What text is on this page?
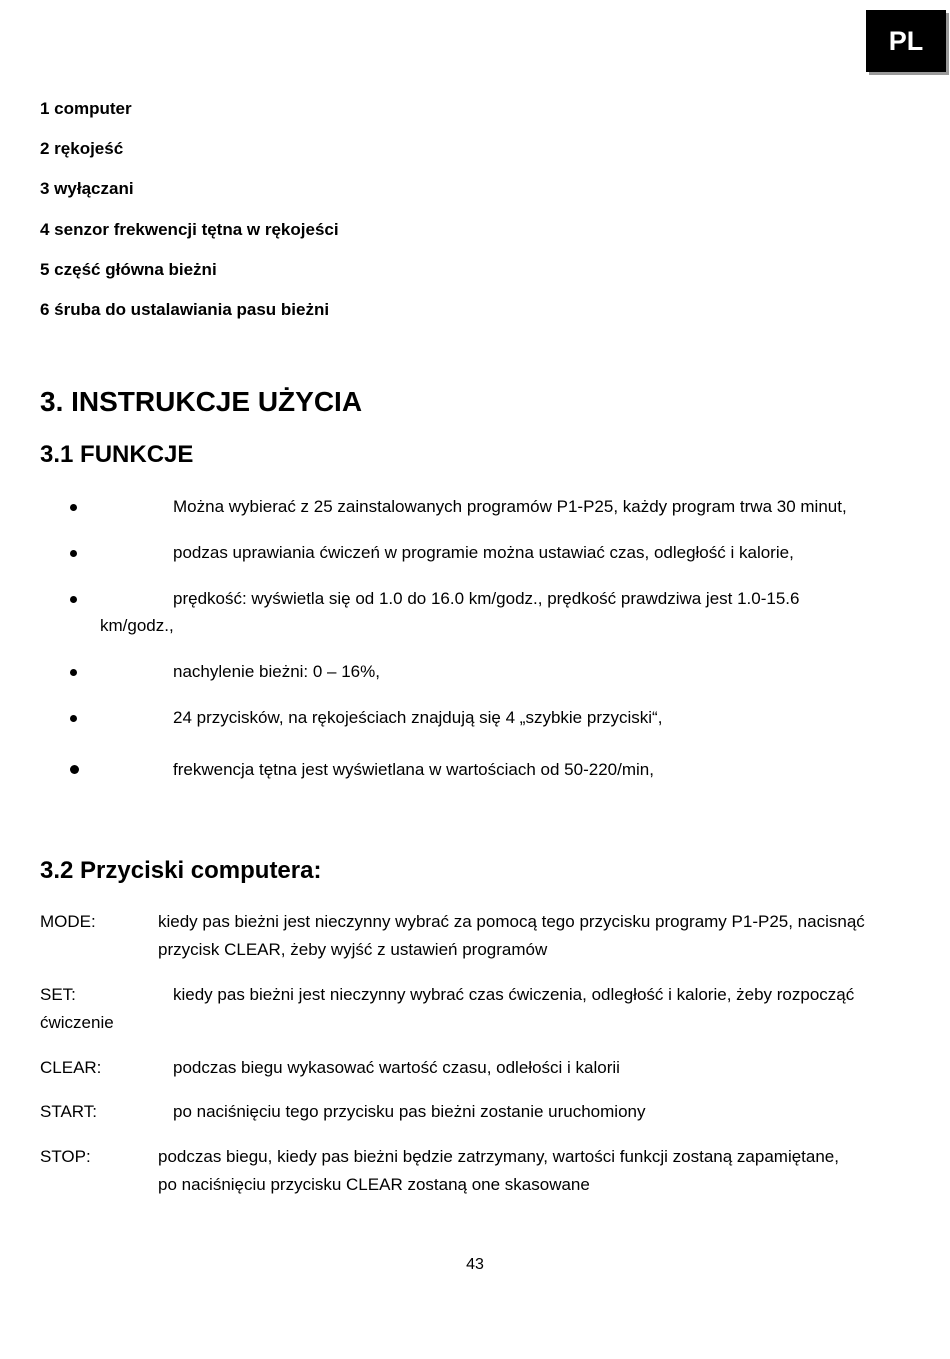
PL
1 computer
2 rękojeść
3 wyłączani
4 senzor frekwencji tętna w rękojeści
5 część główna bieżni
6 śruba do ustalawiania pasu bieżni
3. INSTRUKCJE UŻYCIA
3.1 FUNKCJE
Można wybierać z 25 zainstalowanych programów P1-P25, każdy program trwa 30 minut,
podzas uprawiania ćwiczeń w programie można ustawiać czas, odległość i kalorie,
prędkość: wyświetla się od 1.0 do 16.0 km/godz., prędkość prawdziwa jest 1.0-15.6
km/godz.,
nachylenie bieżni: 0 – 16%,
24 przycisków, na rękojeściach znajdują się 4 „szybkie przyciski“,
frekwencja tętna jest wyświetlana w wartościach od 50-220/min,
3.2 Przyciski computera:
MODE:	kiedy pas bieżni jest nieczynny wybrać za pomocą tego przycisku programy P1-P25, nacisnąć
przycisk CLEAR, żeby wyjść z ustawień programów
SET:	kiedy pas bieżni jest nieczynny wybrać czas ćwiczenia, odległość i kalorie, żeby rozpocząć
ćwiczenie
CLEAR:	podczas biegu wykasować wartość czasu, odlełości i kalorii
START:	po naciśnięciu tego przycisku pas bieżni zostanie uruchomiony
STOP:	podczas biegu, kiedy pas bieżni będzie zatrzymany, wartości funkcji zostaną zapamiętane,
po naciśnięciu przycisku CLEAR zostaną one skasowane
43
